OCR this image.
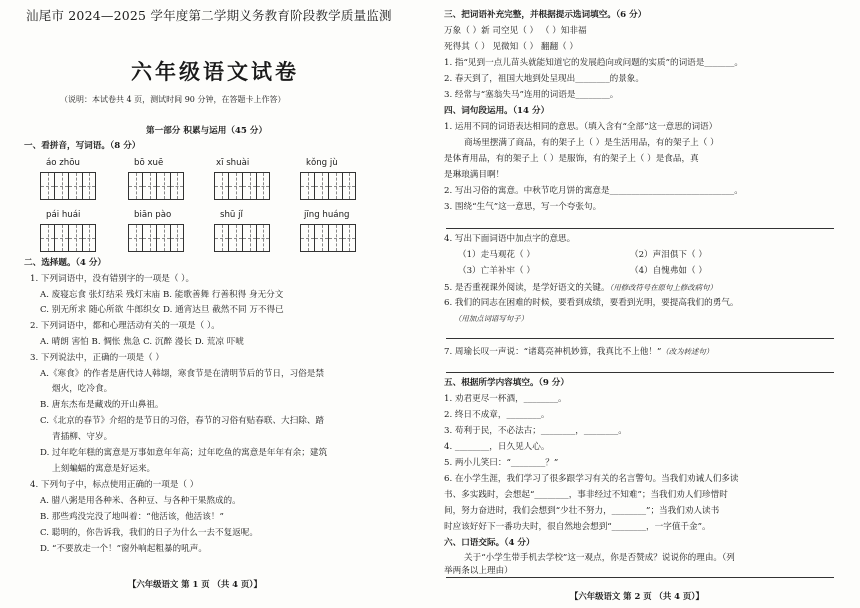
汕尾市 2024—2025 学年度第二学期义务教育阶段教学质量监测
六年级语文试卷
（说明：本试卷共 4 页，测试时间 90 分钟，在答题卡上作答）
第一部分 积累与运用（45 分）
一、看拼音，写词语。（8 分）
áo zhōu	bō xuē	xī shuài	kǒng jù
pái huái	biān pào	shū jǐ	jīng huáng
二、选择题。（4 分）
1. 下列词语中，没有错别字的一项是（ ）。
A. 废寝忘食 张灯结采 残灯末庙 B. 能歌善舞 行善积得 身无分文
C. 别无所求 随心所欲 牛郎织女 D. 通宵达旦 截然不同 万不得已
2. 下列词语中，都和心理活动有关的一项是（ ）。
A. 晴朗 害怕 B. 惆怅 焦急 C. 沉醉 漫长 D. 荒凉 吓唬
3. 下列说法中，正确的一项是（ ）
A.《寒食》的作者是唐代诗人韩翃，寒食节是在清明节后的节日，习俗是禁
烟火，吃冷食。
B. 唐东杰布是藏戏的开山鼻祖。
C.《北京的春节》介绍的是节日的习俗，春节的习俗有贴春联、大扫除、踏
青插柳、守岁。
D. 过年吃年糕的寓意是万事如意年年高；过年吃鱼的寓意是年年有余；建筑
上刻蝙蝠的寓意是好运来。
4. 下列句子中，标点使用正确的一项是（ ）
A. 腊八粥是用各种米、各种豆、与各种干果熬成的。
B. 那些鸡没完没了地叫着：“他活该，他活该！”
C. 聪明的，你告诉我，我们的日子为什么一去不复返呢。
D. “不要放走一个！”窗外响起粗暴的吼声。
【六年级语文 第 1 页 （共 4 页）】
三、把词语补充完整，并根据提示选词填空。（6 分）
万象（ ）新 司空见（ ） （ ）知非福
死得其（ ） 见微知（ ） 翻翻（ ）
1. 指“见到一点儿苗头就能知道它的发展趋向或问题的实质”的词语是_______。
2. 春天到了，祖国大地到处呈现出________的景象。
3. 经常与“塞翁失马”连用的词语是________。
四、词句段运用。（14 分）
1. 运用不同的词语表达相同的意思。（填入含有“全部”这一意思的词语）
商场里摆满了商品，有的架子上（ ）是生活用品，有的架子上（ ）
是体育用品，有的架子上（ ）是服饰，有的架子上（ ）是食品，真
是琳琅满目啊！
2. 写出习俗的寓意。中秋节吃月饼的寓意是_____________________________。
3. 围绕“生气”这一意思，写一个夸张句。
4. 写出下面词语中加点字的意思。
（1）走马观花（ ）	（2）声泪俱下（ ）
（3）亡羊补牢（ ）	（4）自愧弗如（ ）
5. 是否重视课外阅读，是学好语文的关键。（用修改符号在原句上修改病句）
6. 我们的同志在困难的时候，要看到成绩，要看到光明，要提高我们的勇气。
（用加点词语写句子）
7. 周瑜长叹一声说：“诸葛亮神机妙算，我真比不上他！”（改为转述句）
五、根据所学内容填空。（9 分）
1. 劝君更尽一杯酒，________。
2. 终日不成章，________。
3. 苟利于民，不必法古；________，________。
4. ________，日久见人心。
5. 两小儿笑曰：“________？”
6. 在小学生涯，我们学习了很多跟学习有关的名言警句。当我们劝诫人们多读
书、多实践时，会想起“________，事非经过不知难”；当我们劝人们珍惜时
间，努力奋进时，我们会想到“少壮不努力，________”；当我们劝人读书
时应该好好下一番功夫时，很自然地会想到“________，一字值千金”。
六、口语交际。（4 分）
关于“小学生带手机去学校”这一观点，你是否赞成？说说你的理由。（列
举两条以上理由）
【六年级语文 第 2 页 （共 4 页）】
